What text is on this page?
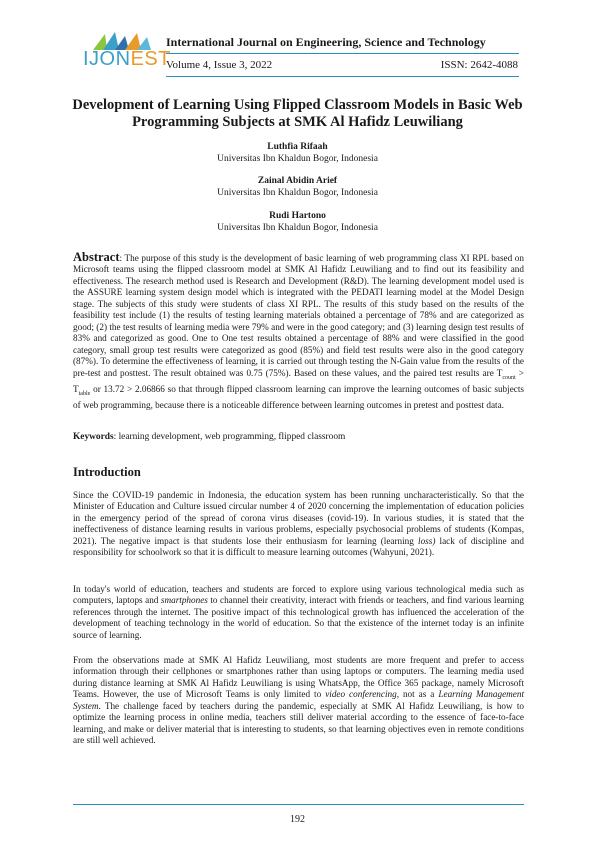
IJONEST
International Journal on Engineering, Science and Technology
Volume 4, Issue 3, 2022	ISSN: 2642-4088
Development of Learning Using Flipped Classroom Models in Basic Web Programming Subjects at SMK Al Hafidz Leuwiliang
Luthfia Rifaah
Universitas Ibn Khaldun Bogor, Indonesia
Zainal Abidin Arief
Universitas Ibn Khaldun Bogor, Indonesia
Rudi Hartono
Universitas Ibn Khaldun Bogor, Indonesia
Abstract: The purpose of this study is the development of basic learning of web programming class XI RPL based on Microsoft teams using the flipped classroom model at SMK Al Hafidz Leuwiliang and to find out its feasibility and effectiveness. The research method used is Research and Development (R&D). The learning development model used is the ASSURE learning system design model which is integrated with the PEDATI learning model at the Model Design stage. The subjects of this study were students of class XI RPL. The results of this study based on the results of the feasibility test include (1) the results of testing learning materials obtained a percentage of 78% and are categorized as good; (2) the test results of learning media were 79% and were in the good category; and (3) learning design test results of 83% and categorized as good. One to One test results obtained a percentage of 88% and were classified in the good category, small group test results were categorized as good (85%) and field test results were also in the good category (87%). To determine the effectiveness of learning, it is carried out through testing the N-Gain value from the results of the pre-test and posttest. The result obtained was 0.75 (75%). Based on these values, and the paired test results are $T_{count} > T_{table}$ or 13.72 > 2.06866 so that through flipped classroom learning can improve the learning outcomes of basic subjects of web programming, because there is a noticeable difference between learning outcomes in pretest and posttest data.
Keywords: learning development, web programming, flipped classroom
Introduction
Since the COVID-19 pandemic in Indonesia, the education system has been running uncharacteristically. So that the Minister of Education and Culture issued circular number 4 of 2020 concerning the implementation of education policies in the emergency period of the spread of corona virus diseases (covid-19). In various studies, it is stated that the ineffectiveness of distance learning results in various problems, especially psychosocial problems of students (Kompas, 2021). The negative impact is that students lose their enthusiasm for learning (learning loss) lack of discipline and responsibility for schoolwork so that it is difficult to measure learning outcomes (Wahyuni, 2021).
In today's world of education, teachers and students are forced to explore using various technological media such as computers, laptops and smartphones to channel their creativity, interact with friends or teachers, and find various learning references through the internet. The positive impact of this technological growth has influenced the acceleration of the development of teaching technology in the world of education. So that the existence of the internet today is an infinite source of learning.
From the observations made at SMK Al Hafidz Leuwiliang, most students are more frequent and prefer to access information through their cellphones or smartphones rather than using laptops or computers. The learning media used during distance learning at SMK Al Hafidz Leuwiliang is using WhatsApp, the Office 365 package, namely Microsoft Teams. However, the use of Microsoft Teams is only limited to video conferencing, not as a Learning Management System. The challenge faced by teachers during the pandemic, especially at SMK Al Hafidz Leuwiliang, is how to optimize the learning process in online media, teachers still deliver material according to the essence of face-to-face learning, and make or deliver material that is interesting to students, so that learning objectives even in remote conditions are still well achieved.
192
